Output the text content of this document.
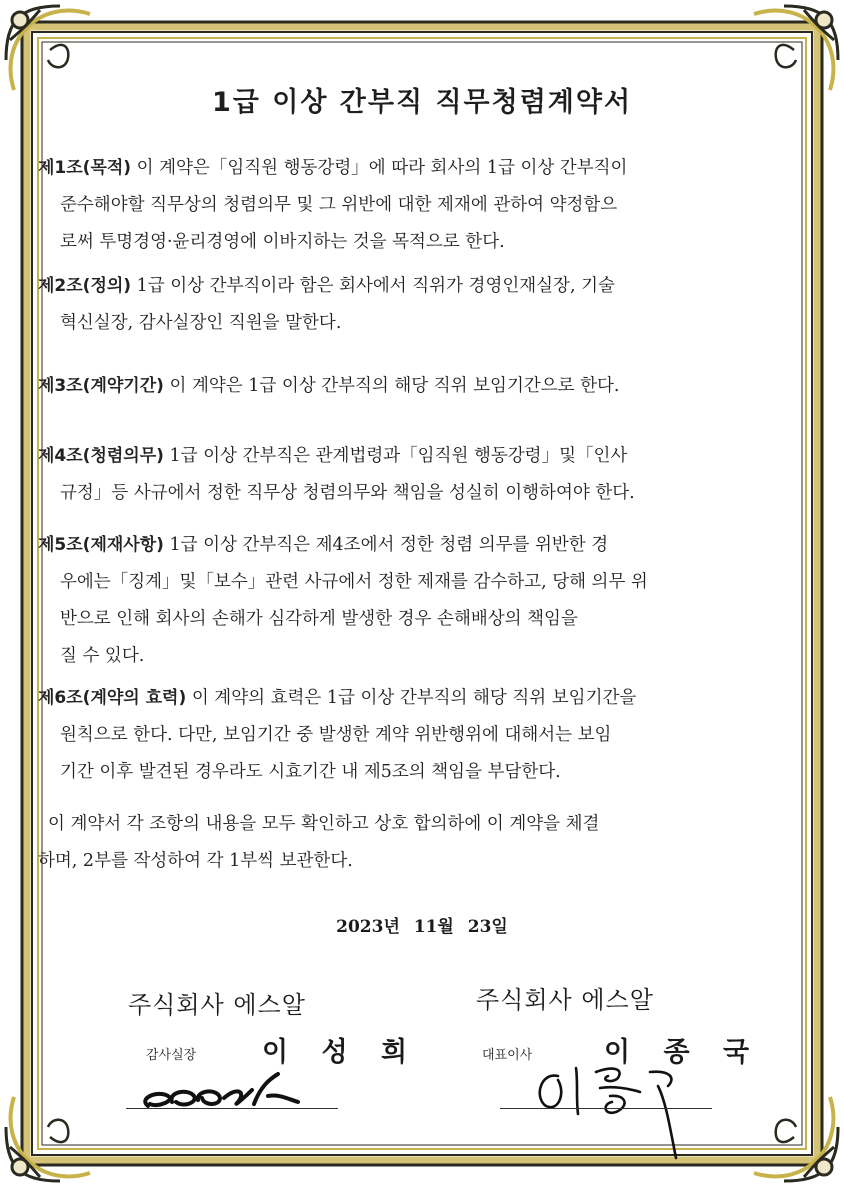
1급 이상 간부직 직무청렴계약서
제1조(목적) 이 계약은「임직원 행동강령」에 따라 회사의 1급 이상 간부직이
준수해야할 직무상의 청렴의무 및 그 위반에 대한 제재에 관하여 약정함으
로써 투명경영·윤리경영에 이바지하는 것을 목적으로 한다.
제2조(정의) 1급 이상 간부직이라 함은 회사에서 직위가 경영인재실장, 기술
혁신실장, 감사실장인 직원을 말한다.
제3조(계약기간) 이 계약은 1급 이상 간부직의 해당 직위 보임기간으로 한다.
제4조(청렴의무) 1급 이상 간부직은 관계법령과「임직원 행동강령」및「인사
규정」등 사규에서 정한 직무상 청렴의무와 책임을 성실히 이행하여야 한다.
제5조(제재사항) 1급 이상 간부직은 제4조에서 정한 청렴 의무를 위반한 경
우에는「징계」및「보수」관련 사규에서 정한 제재를 감수하고, 당해 의무 위
반으로 인해 회사의 손해가 심각하게 발생한 경우 손해배상의 책임을
질 수 있다.
제6조(계약의 효력) 이 계약의 효력은 1급 이상 간부직의 해당 직위 보임기간을
원칙으로 한다. 다만, 보임기간 중 발생한 계약 위반행위에 대해서는 보임
기간 이후 발견된 경우라도 시효기간 내 제5조의 책임을 부담한다.
이 계약서 각 조항의 내용을 모두 확인하고 상호 합의하에 이 계약을 체결
하며, 2부를 작성하여 각 1부씩 보관한다.
2023년 11월 23일
주식회사 에스알
감사실장 이 성 희
주식회사 에스알
대표이사	이 종 국
